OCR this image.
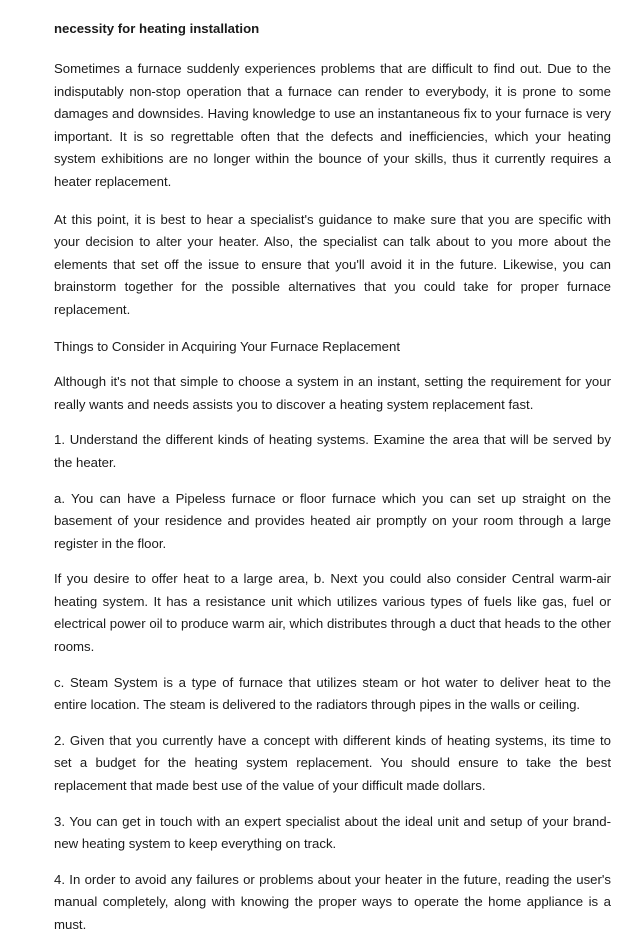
necessity for heating installation

Sometimes a furnace suddenly experiences problems that are difficult to find out. Due to the indisputably non-stop operation that a furnace can render to everybody, it is prone to some damages and downsides. Having knowledge to use an instantaneous fix to your furnace is very important. It is so regrettable often that the defects and inefficiencies, which your heating system exhibitions are no longer within the bounce of your skills, thus it currently requires a heater replacement.

At this point, it is best to hear a specialist's guidance to make sure that you are specific with your decision to alter your heater. Also, the specialist can talk about to you more about the elements that set off the issue to ensure that you'll avoid it in the future. Likewise, you can brainstorm together for the possible alternatives that you could take for proper furnace replacement.

Things to Consider in Acquiring Your Furnace Replacement

Although it's not that simple to choose a system in an instant, setting the requirement for your really wants and needs assists you to discover a heating system replacement fast.

1. Understand the different kinds of heating systems. Examine the area that will be served by the heater.

a. You can have a Pipeless furnace or floor furnace which you can set up straight on the basement of your residence and provides heated air promptly on your room through a large register in the floor.

If you desire to offer heat to a large area, b. Next you could also consider Central warm-air heating system. It has a resistance unit which utilizes various types of fuels like gas, fuel or electrical power oil to produce warm air, which distributes through a duct that heads to the other rooms.

c. Steam System is a type of furnace that utilizes steam or hot water to deliver heat to the entire location. The steam is delivered to the radiators through pipes in the walls or ceiling.

2. Given that you currently have a concept with different kinds of heating systems, its time to set a budget for the heating system replacement. You should ensure to take the best replacement that made best use of the value of your difficult made dollars.

3. You can get in touch with an expert specialist about the ideal unit and setup of your brand-new heating system to keep everything on track.

4. In order to avoid any failures or problems about your heater in the future, reading the user's manual completely, along with knowing the proper ways to operate the home appliance is a must.
